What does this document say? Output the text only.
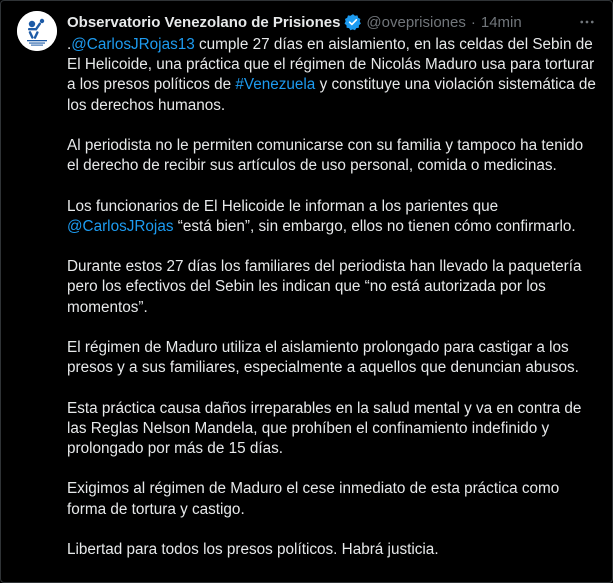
Observatorio Venezolano de Prisiones @oveprisiones · 14min

.@CarlosJRojas13 cumple 27 días en aislamiento, en las celdas del Sebin de El Helicoide, una práctica que el régimen de Nicolás Maduro usa para torturar a los presos políticos de #Venezuela y constituye una violación sistemática de los derechos humanos.

Al periodista no le permiten comunicarse con su familia y tampoco ha tenido el derecho de recibir sus artículos de uso personal, comida o medicinas.

Los funcionarios de El Helicoide le informan a los parientes que @CarlosJRojas “está bien”, sin embargo, ellos no tienen cómo confirmarlo.

Durante estos 27 días los familiares del periodista han llevado la paquetería pero los efectivos del Sebin les indican que “no está autorizada por los momentos”.

El régimen de Maduro utiliza el aislamiento prolongado para castigar a los presos y a sus familiares, especialmente a aquellos que denuncian abusos.

Esta práctica causa daños irreparables en la salud mental y va en contra de las Reglas Nelson Mandela, que prohíben el confinamiento indefinido y prolongado por más de 15 días.

Exigimos al régimen de Maduro el cese inmediato de esta práctica como forma de tortura y castigo.

Libertad para todos los presos políticos. Habrá justicia.
